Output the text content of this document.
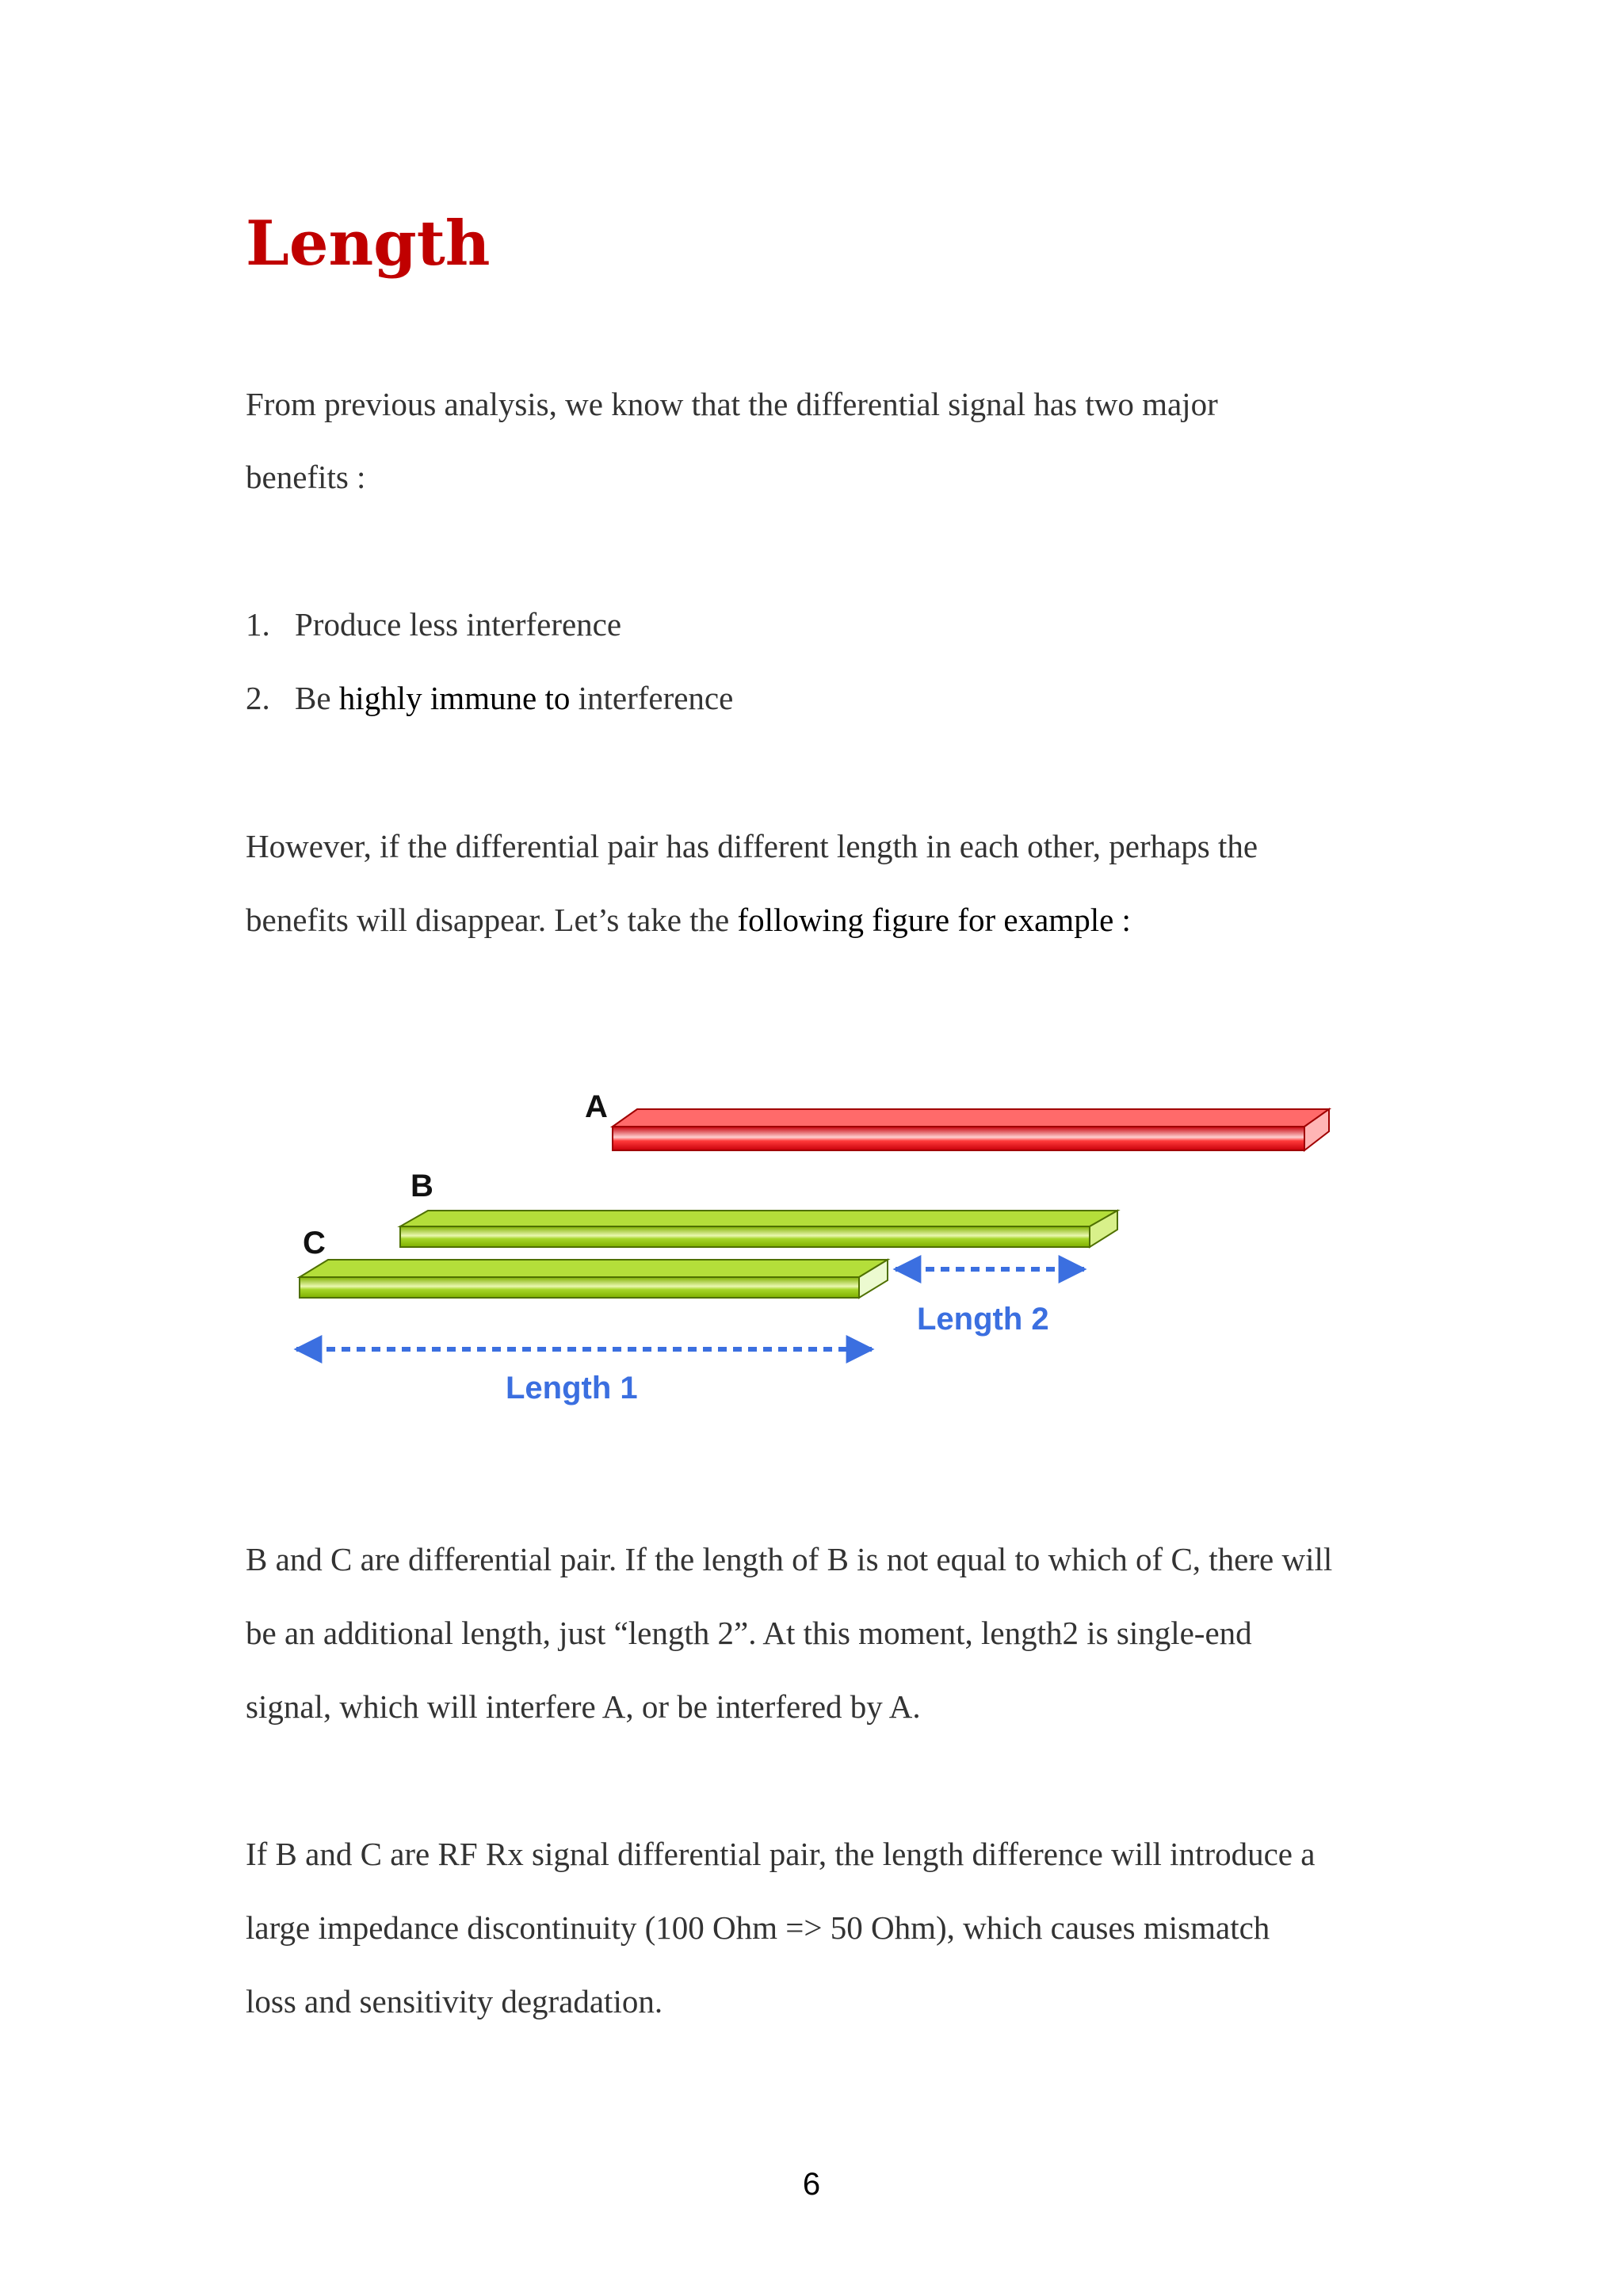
Length

From previous analysis, we know that the differential signal has two major

benefits :

1. Produce less interference
2. Be highly immune to interference

However, if the differential pair has different length in each other, perhaps the

benefits will disappear. Let’s take the following figure for example :

A
B
C
Length 2
Length 1

B and C are differential pair. If the length of B is not equal to which of C, there will

be an additional length, just “length 2”. At this moment, length2 is single-end

signal, which will interfere A, or be interfered by A.

If B and C are RF Rx signal differential pair, the length difference will introduce a

large impedance discontinuity (100 Ohm => 50 Ohm), which causes mismatch

loss and sensitivity degradation.

6
